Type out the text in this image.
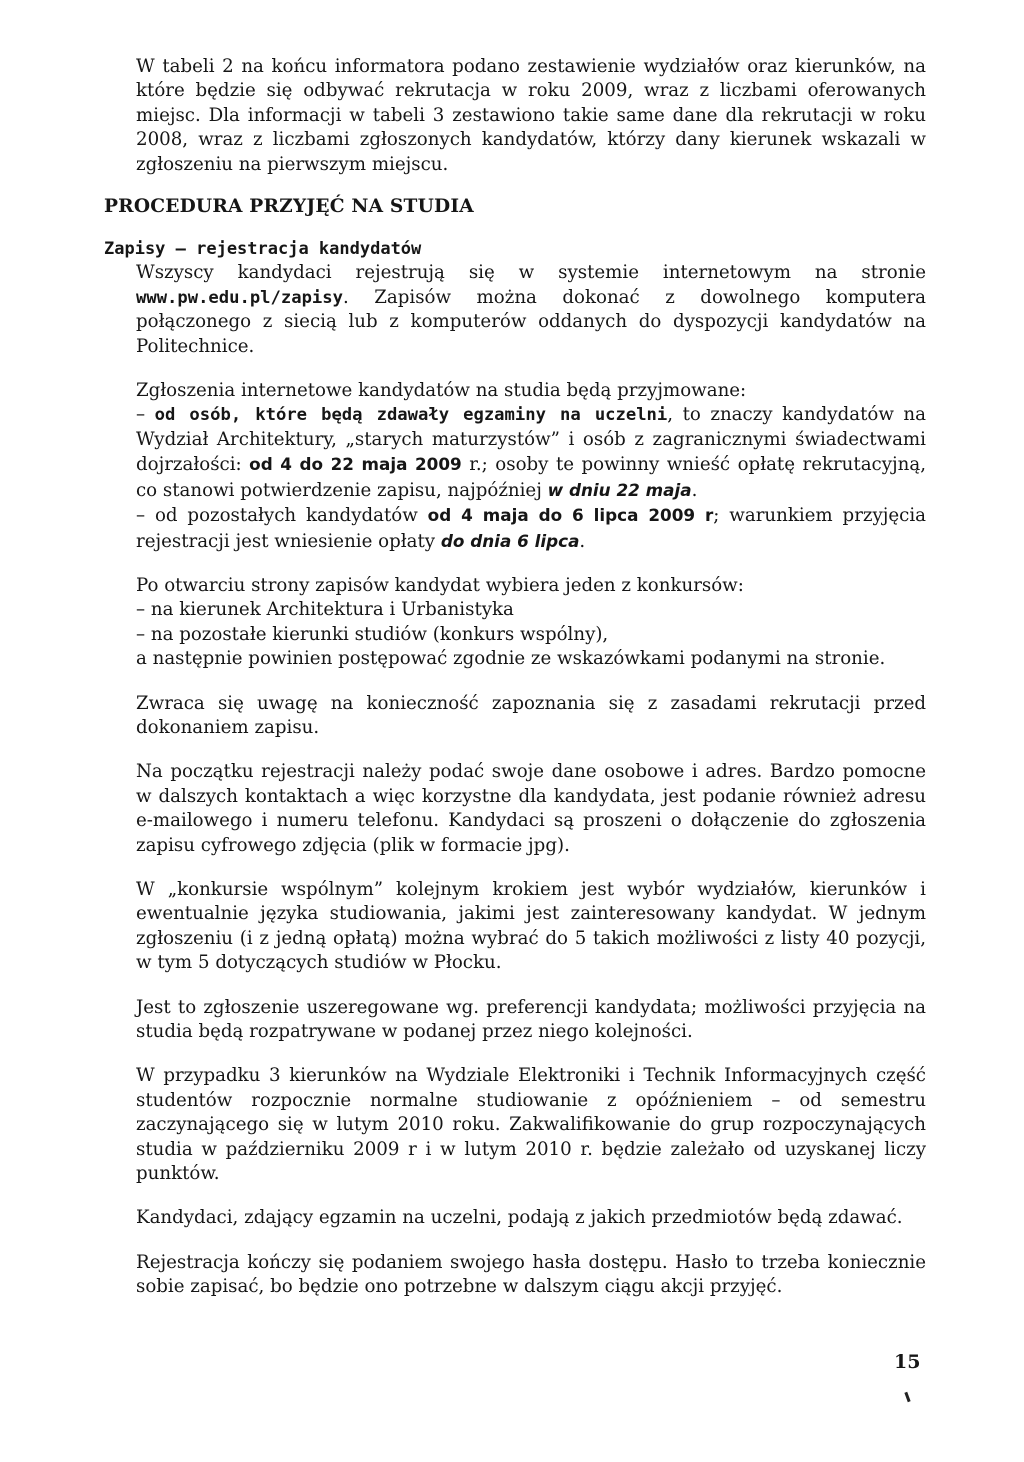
W tabeli 2 na końcu informatora podano zestawienie wydziałów oraz kierunków, na które będzie się odbywać rekrutacja w roku 2009, wraz z liczbami oferowanych miejsc. Dla informacji w tabeli 3 zestawiono takie same dane dla rekrutacji w roku 2008, wraz z liczbami zgłoszonych kandydatów, którzy dany kierunek wskazali w zgłoszeniu na pierwszym miejscu.

PROCEDURA PRZYJĘĆ NA STUDIA
Zapisy – rejestracja kandydatów

Wszyscy kandydaci rejestrują się w systemie internetowym na stronie www.pw.edu.pl/zapisy. Zapisów można dokonać z dowolnego komputera połączonego z siecią lub z komputerów oddanych do dyspozycji kandydatów na Politechnice.

Zgłoszenia internetowe kandydatów na studia będą przyjmowane:

– od osób, które będą zdawały egzaminy na uczelni, to znaczy kandydatów na Wydział Architektury, „starych maturzystów” i osób z zagranicznymi świadectwami dojrzałości: od 4 do 22 maja 2009 r.; osoby te powinny wnieść opłatę rekrutacyjną, co stanowi potwierdzenie zapisu, najpóźniej w dniu 22 maja.

– od pozostałych kandydatów od 4 maja do 6 lipca 2009 r; warunkiem przyjęcia rejestracji jest wniesienie opłaty do dnia 6 lipca.

Po otwarciu strony zapisów kandydat wybiera jeden z konkursów:

– na kierunek Architektura i Urbanistyka

– na pozostałe kierunki studiów (konkurs wspólny),

a następnie powinien postępować zgodnie ze wskazówkami podanymi na stronie.

Zwraca się uwagę na konieczność zapoznania się z zasadami rekrutacji przed dokonaniem zapisu.

Na początku rejestracji należy podać swoje dane osobowe i adres. Bardzo pomocne w dalszych kontaktach a więc korzystne dla kandydata, jest podanie również adresu e-mailowego i numeru telefonu. Kandydaci są proszeni o dołączenie do zgłoszenia zapisu cyfrowego zdjęcia (plik w formacie jpg).

W „konkursie wspólnym” kolejnym krokiem jest wybór wydziałów, kierunków i ewentualnie języka studiowania, jakimi jest zainteresowany kandydat. W jednym zgłoszeniu (i z jedną opłatą) można wybrać do 5 takich możliwości z listy 40 pozycji, w tym 5 dotyczących studiów w Płocku.

Jest to zgłoszenie uszeregowane wg. preferencji kandydata; możliwości przyjęcia na studia będą rozpatrywane w podanej przez niego kolejności.

W przypadku 3 kierunków na Wydziale Elektroniki i Technik Informacyjnych część studentów rozpocznie normalne studiowanie z opóźnieniem – od semestru zaczynającego się w lutym 2010 roku. Zakwalifikowanie do grup rozpoczynających studia w październiku 2009 r i w lutym 2010 r. będzie zależało od uzyskanej liczy punktów.

Kandydaci, zdający egzamin na uczelni, podają z jakich przedmiotów będą zdawać.

Rejestracja kończy się podaniem swojego hasła dostępu. Hasło to trzeba koniecznie sobie zapisać, bo będzie ono potrzebne w dalszym ciągu akcji przyjęć.

15
